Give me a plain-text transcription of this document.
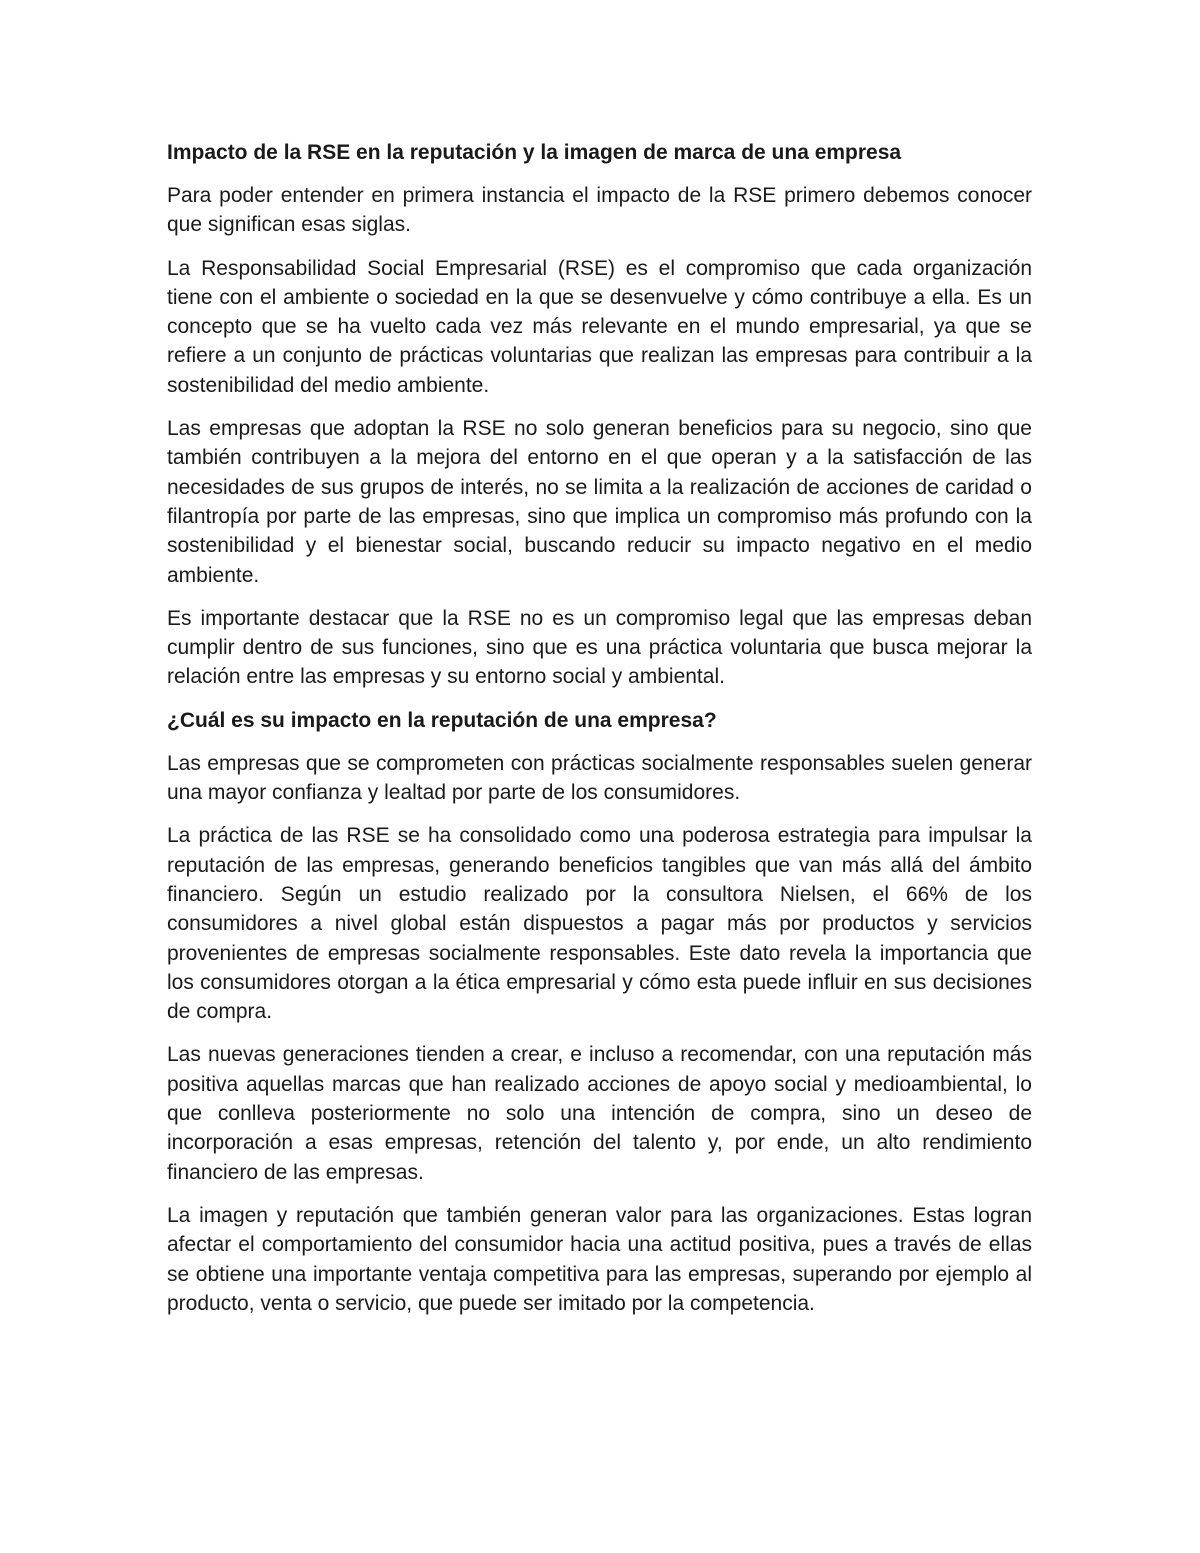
Impacto de la RSE en la reputación y la imagen de marca de una empresa

Para poder entender en primera instancia el impacto de la RSE primero debemos conocer que significan esas siglas.

La Responsabilidad Social Empresarial (RSE) es el compromiso que cada organización tiene con el ambiente o sociedad en la que se desenvuelve y cómo contribuye a ella. Es un concepto que se ha vuelto cada vez más relevante en el mundo empresarial, ya que se refiere a un conjunto de prácticas voluntarias que realizan las empresas para contribuir a la sostenibilidad del medio ambiente.

Las empresas que adoptan la RSE no solo generan beneficios para su negocio, sino que también contribuyen a la mejora del entorno en el que operan y a la satisfacción de las necesidades de sus grupos de interés, no se limita a la realización de acciones de caridad o filantropía por parte de las empresas, sino que implica un compromiso más profundo con la sostenibilidad y el bienestar social, buscando reducir su impacto negativo en el medio ambiente.

Es importante destacar que la RSE no es un compromiso legal que las empresas deban cumplir dentro de sus funciones, sino que es una práctica voluntaria que busca mejorar la relación entre las empresas y su entorno social y ambiental.

¿Cuál es su impacto en la reputación de una empresa?

Las empresas que se comprometen con prácticas socialmente responsables suelen generar una mayor confianza y lealtad por parte de los consumidores.

La práctica de las RSE se ha consolidado como una poderosa estrategia para impulsar la reputación de las empresas, generando beneficios tangibles que van más allá del ámbito financiero. Según un estudio realizado por la consultora Nielsen, el 66% de los consumidores a nivel global están dispuestos a pagar más por productos y servicios provenientes de empresas socialmente responsables. Este dato revela la importancia que los consumidores otorgan a la ética empresarial y cómo esta puede influir en sus decisiones de compra.

Las nuevas generaciones tienden a crear, e incluso a recomendar, con una reputación más positiva aquellas marcas que han realizado acciones de apoyo social y medioambiental, lo que conlleva posteriormente no solo una intención de compra, sino un deseo de incorporación a esas empresas, retención del talento y, por ende, un alto rendimiento financiero de las empresas.

La imagen y reputación que también generan valor para las organizaciones. Estas logran afectar el comportamiento del consumidor hacia una actitud positiva, pues a través de ellas se obtiene una importante ventaja competitiva para las empresas, superando por ejemplo al producto, venta o servicio, que puede ser imitado por la competencia.
